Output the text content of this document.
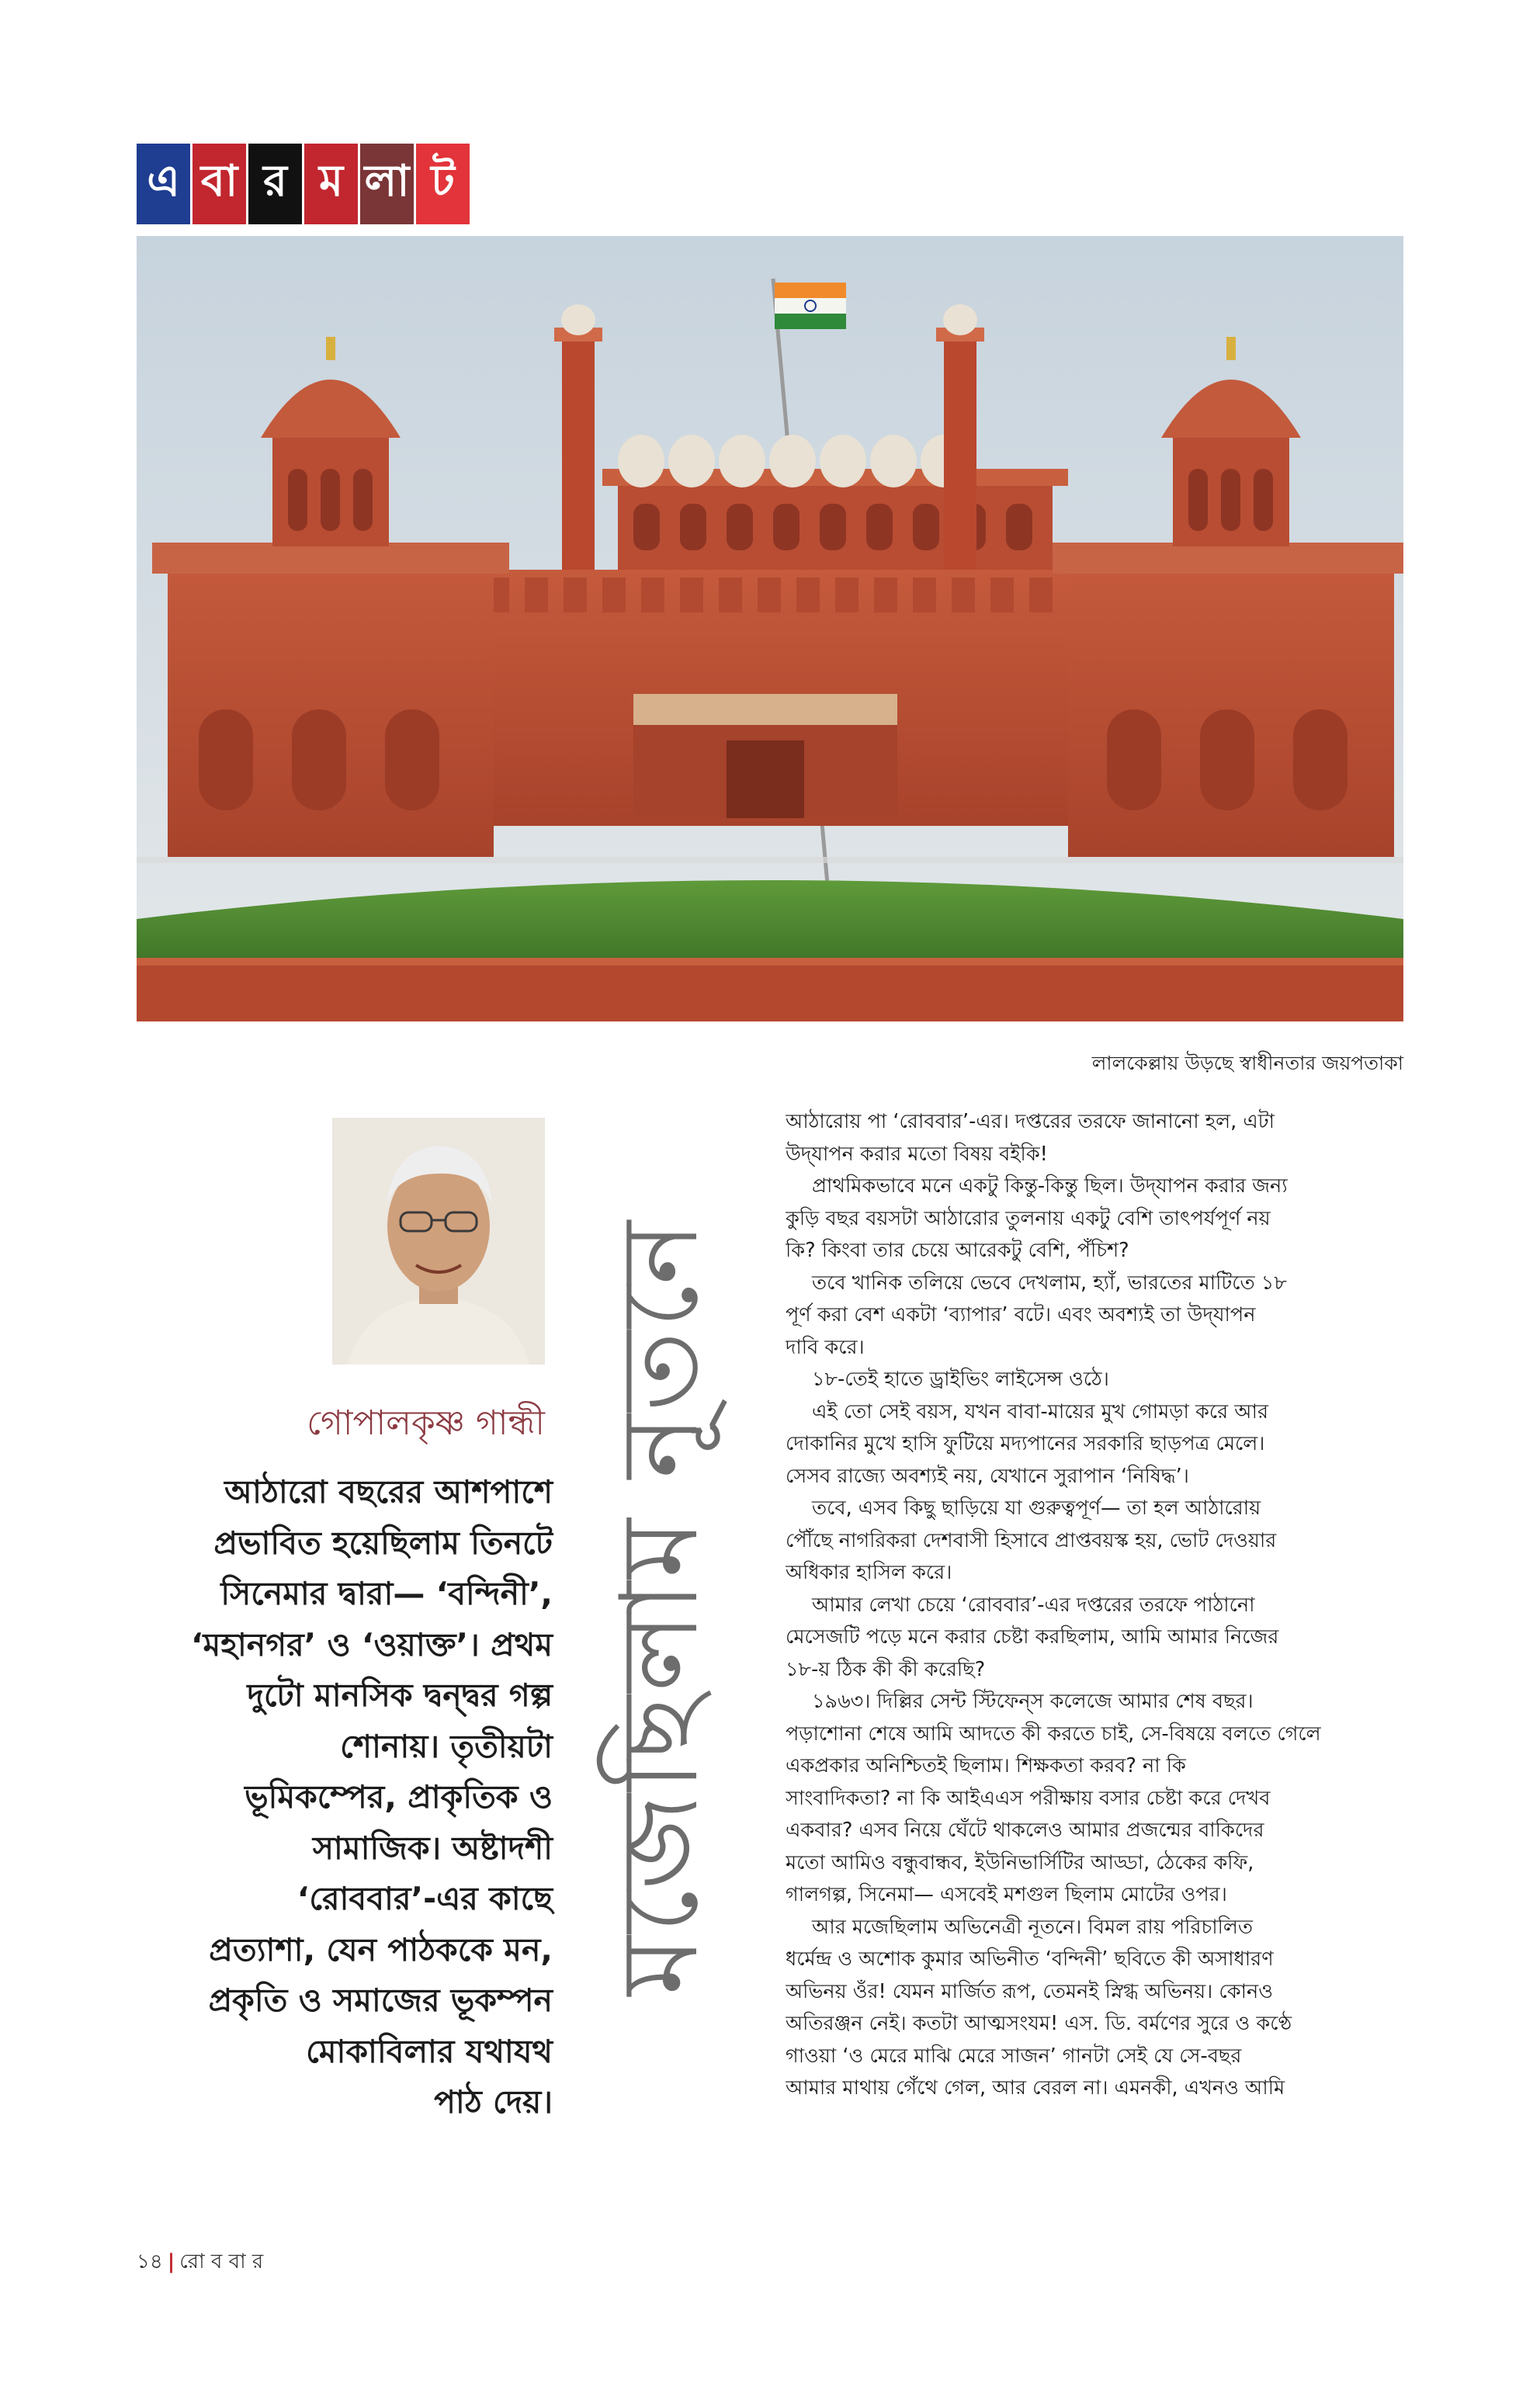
এ বা র ম লা ট
লালকেল্লায় উড়ছে স্বাধীনতার জয়পতাকা
গোপালকৃষ্ণ গান্ধী
আঠারো বছরের আশপাশে
প্রভাবিত হয়েছিলাম তিনটে
সিনেমার দ্বারা— ‘বন্দিনী’,
‘মহানগর’ ও ‘ওয়াক্ত’। প্রথম
দুটো মানসিক দ্বন্দ্বর গল্প
শোনায়। তৃতীয়টা
ভূমিকম্পের, প্রাকৃতিক ও
সামাজিক। অষ্টাদশী
‘রোববার’-এর কাছে
প্রত্যাশা, যেন পাঠককে মন,
প্রকৃতি ও সমাজের ভূকম্পন
মোকাবিলার যথাযথ
পাঠ দেয়।
মজেছিলাম নূতনে
আঠারোয় পা ‘রোববার’-এর। দপ্তরের তরফে জানানো হল, এটা
উদ্‌যাপন করার মতো বিষয় বইকি!
প্রাথমিকভাবে মনে একটু কিন্তু-কিন্তু ছিল। উদ্‌যাপন করার জন্য
কুড়ি বছর বয়সটা আঠারোর তুলনায় একটু বেশি তাৎপর্যপূর্ণ নয়
কি? কিংবা তার চেয়ে আরেকটু বেশি, পঁচিশ?
তবে খানিক তলিয়ে ভেবে দেখলাম, হ্যাঁ, ভারতের মাটিতে ১৮
পূর্ণ করা বেশ একটা ‘ব্যাপার’ বটে। এবং অবশ্যই তা উদ্‌যাপন
দাবি করে।
১৮-তেই হাতে ড্রাইভিং লাইসেন্স ওঠে।
এই তো সেই বয়স, যখন বাবা-মায়ের মুখ গোমড়া করে আর
দোকানির মুখে হাসি ফুটিয়ে মদ্যপানের সরকারি ছাড়পত্র মেলে।
সেসব রাজ্যে অবশ্যই নয়, যেখানে সুরাপান ‘নিষিদ্ধ’।
তবে, এসব কিছু ছাড়িয়ে যা গুরুত্বপূর্ণ— তা হল আঠারোয়
পৌঁছে নাগরিকরা দেশবাসী হিসাবে প্রাপ্তবয়স্ক হয়, ভোট দেওয়ার
অধিকার হাসিল করে।
আমার লেখা চেয়ে ‘রোববার’-এর দপ্তরের তরফে পাঠানো
মেসেজটি পড়ে মনে করার চেষ্টা করছিলাম, আমি আমার নিজের
১৮-য় ঠিক কী কী করেছি?
১৯৬৩। দিল্লির সেন্ট স্টিফেন্‌স কলেজে আমার শেষ বছর।
পড়াশোনা শেষে আমি আদতে কী করতে চাই, সে-বিষয়ে বলতে গেলে
একপ্রকার অনিশ্চিতই ছিলাম। শিক্ষকতা করব? না কি
সাংবাদিকতা? না কি আইএএস পরীক্ষায় বসার চেষ্টা করে দেখব
একবার? এসব নিয়ে ঘেঁটে থাকলেও আমার প্রজন্মের বাকিদের
মতো আমিও বন্ধুবান্ধব, ইউনিভার্সিটির আড্ডা, ঠেকের কফি,
গালগল্প, সিনেমা— এসবেই মশগুল ছিলাম মোটের ওপর।
আর মজেছিলাম অভিনেত্রী নূতনে। বিমল রায় পরিচালিত
ধর্মেন্দ্র ও অশোক কুমার অভিনীত ‘বন্দিনী’ ছবিতে কী অসাধারণ
অভিনয় ওঁর! যেমন মার্জিত রূপ, তেমনই স্নিগ্ধ অভিনয়। কোনও
অতিরঞ্জন নেই। কতটা আত্মসংযম! এস. ডি. বর্মণের সুরে ও কণ্ঠে
গাওয়া ‘ও মেরে মাঝি মেরে সাজন’ গানটা সেই যে সে-বছর
আমার মাথায় গেঁথে গেল, আর বেরল না। এমনকী, এখনও আমি
১৪ | রো ব বা র
